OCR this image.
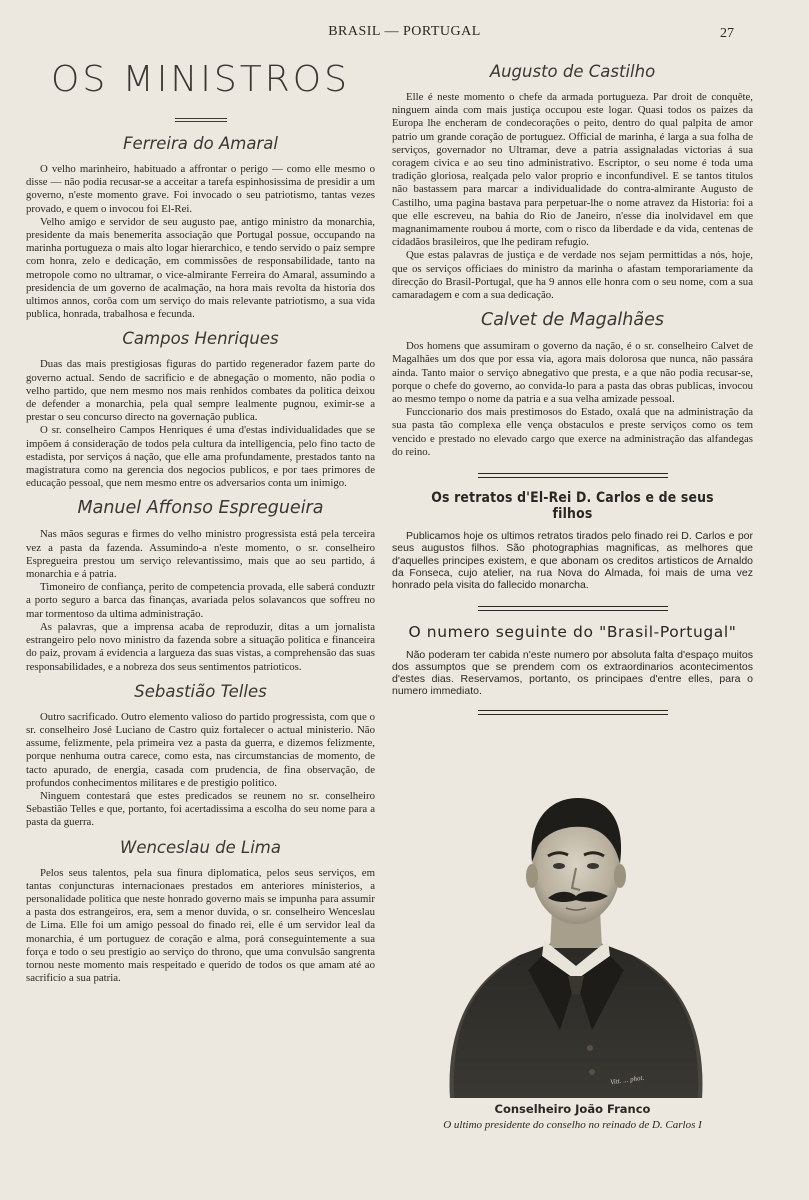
BRASIL — PORTUGAL	27
OS MINISTROS
Ferreira do Amaral

O velho marinheiro, habituado a affrontar o perigo — como elle mesmo o disse — não podia recusar-se a acceitar a tarefa espinhosissima de presidir a um governo, n'este momento grave. Foi invocado o seu patriotismo, tantas vezes provado, e quem o invocou foi El-Rei.

Velho amigo e servidor de seu augusto pae, antigo ministro da monarchia, presidente da mais benemerita associação que Portugal possue, occupando na marinha portugueza o mais alto logar hierarchico, e tendo servido o paiz sempre com honra, zelo e dedicação, em commissões de responsabilidade, tanto na metropole como no ultramar, o vice-almirante Ferreira do Amaral, assumindo a presidencia de um governo de acalmação, na hora mais revolta da historia dos ultimos annos, corôa com um serviço do mais relevante patriotismo, a sua vida publica, honrada, trabalhosa e fecunda.

Campos Henriques

Duas das mais prestigiosas figuras do partido regenerador fazem parte do governo actual. Sendo de sacrificio e de abnegação o momento, não podia o velho partido, que nem mesmo nos mais renhidos combates da politica deixou de defender a monarchia, pela qual sempre lealmente pugnou, eximir-se a prestar o seu concurso directo na governação publica.

O sr. conselheiro Campos Henriques é uma d'estas individualidades que se impõem á consideração de todos pela cultura da intelligencia, pelo fino tacto de estadista, por serviços á nação, que elle ama profundamente, prestados tanto na magistratura como na gerencia dos negocios publicos, e por taes primores de educação pessoal, que nem mesmo entre os adversarios conta um inimigo.

Manuel Affonso Espregueira

Nas mãos seguras e firmes do velho ministro progressista está pela terceira vez a pasta da fazenda. Assumindo-a n'este momento, o sr. conselheiro Espregueira prestou um serviço relevantissimo, mais que ao seu partido, á monarchia e á patria.

Timoneiro de confiança, perito de competencia provada, elle saberá conduztr a porto seguro a barca das finanças, avariada pelos solavancos que soffreu no mar tormentoso da ultima administração.

As palavras, que a imprensa acaba de reproduzir, ditas a um jornalista estrangeiro pelo novo ministro da fazenda sobre a situação politica e financeira do paiz, provam á evidencia a largueza das suas vistas, a comprehensão das suas responsabilidades, e a nobreza dos seus sentimentos patrioticos.

Sebastião Telles

Outro sacrificado. Outro elemento valioso do partido progressista, com que o sr. conselheiro José Luciano de Castro quiz fortalecer o actual ministerio. Não assume, felizmente, pela primeira vez a pasta da guerra, e dizemos felizmente, porque nenhuma outra carece, como esta, nas circumstancias de momento, de tacto apurado, de energia, casada com prudencia, de fina observação, de profundos conhecimentos militares e de prestigio politico.

Ninguem contestará que estes predicados se reunem no sr. conselheiro Sebastião Telles e que, portanto, foi acertadissima a escolha do seu nome para a pasta da guerra.

Wenceslau de Lima

Pelos seus talentos, pela sua finura diplomatica, pelos seus serviços, em tantas conjuncturas internacionaes prestados em anteriores ministerios, a personalidade politica que neste honrado governo mais se impunha para assumir a pasta dos estrangeiros, era, sem a menor duvida, o sr. conselheiro Wenceslau de Lima. Elle foi um amigo pessoal do finado rei, elle é um servidor leal da monarchia, é um portuguez de coração e alma, porá conseguintemente a sua força e todo o seu prestigio ao serviço do throno, que uma convulsão sangrenta tornou neste momento mais respeitado e querido de todos os que amam até ao sacrificio a sua patria.

Augusto de Castilho

Elle é neste momento o chefe da armada portugueza. Par droit de conquête, ninguem ainda com mais justiça occupou este logar. Quasi todos os paizes da Europa lhe encheram de condecorações o peito, dentro do qual palpita de amor patrio um grande coração de portuguez. Official de marinha, é larga a sua folha de serviços, governador no Ultramar, deve a patria assignaladas victorias á sua coragem civica e ao seu tino administrativo. Escriptor, o seu nome é toda uma tradição gloriosa, realçada pelo valor proprio e inconfundivel. E se tantos titulos não bastassem para marcar a individualidade do contra-almirante Augusto de Castilho, uma pagina bastava para perpetuar-lhe o nome atravez da Historia: foi a que elle escreveu, na bahia do Rio de Janeiro, n'esse dia inolvidavel em que magnanimamente roubou á morte, com o risco da liberdade e da vida, centenas de cidadãos brasileiros, que lhe pediram refugio.

Que estas palavras de justiça e de verdade nos sejam permittidas a nós, hoje, que os serviços officiaes do ministro da marinha o afastam temporariamente da direcção do Brasil-Portugal, que ha 9 annos elle honra com o seu nome, com a sua camaradagem e com a sua dedicação.

Calvet de Magalhães

Dos homens que assumiram o governo da nação, é o sr. conselheiro Calvet de Magalhães um dos que por essa via, agora mais dolorosa que nunca, não passára ainda. Tanto maior o serviço abnegativo que presta, e a que não podia recusar-se, porque o chefe do governo, ao convida-lo para a pasta das obras publicas, invocou ao mesmo tempo o nome da patria e a sua velha amizade pessoal.

Funccionario dos mais prestimosos do Estado, oxalá que na administração da sua pasta tão complexa elle vença obstaculos e preste serviços como os tem vencido e prestado no elevado cargo que exerce na administração das alfandegas do reino.

Os retratos d'El-Rei D. Carlos e de seus filhos

Publicamos hoje os ultimos retratos tirados pelo finado rei D. Carlos e por seus augustos filhos. São photographias magnificas, as melhores que d'aquelles principes existem, e que abonam os creditos artisticos de Arnaldo da Fonseca, cujo atelier, na rua Nova do Almada, foi mais de uma vez honrado pela visita do fallecido monarcha.

O numero seguinte do "Brasil-Portugal"

Não poderam ter cabida n'este numero por absoluta falta d'espaço muitos dos assumptos que se prendem com os extraordinarios acontecimentos d'estes dias. Reservamos, portanto, os principaes d'entre elles, para o numero immediato.

Vitt. ... phot.
Conselheiro João Franco
O ultimo presidente do conselho no reinado de D. Carlos I
